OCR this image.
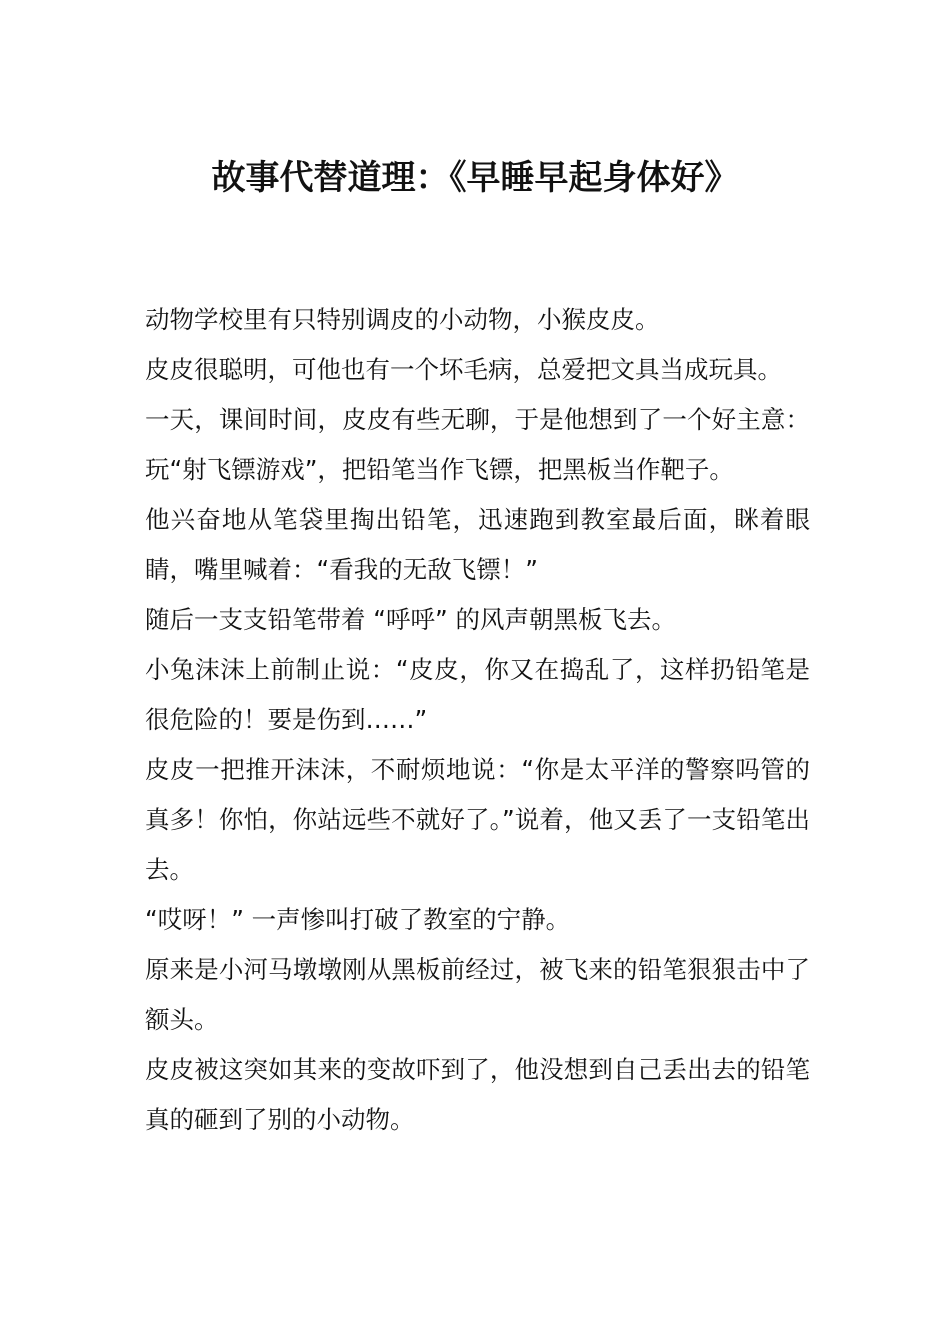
故事代替道理：《早睡早起身体好》

动物学校里有只特别调皮的小动物，小猴皮皮。

皮皮很聪明，可他也有一个坏毛病，总爱把文具当成玩具。

一天，课间时间，皮皮有些无聊，于是他想到了一个好主意：玩“射飞镖游戏”，把铅笔当作飞镖，把黑板当作靶子。

他兴奋地从笔袋里掏出铅笔，迅速跑到教室最后面，眯着眼睛，嘴里喊着：“看我的无敌飞镖！”

随后一支支铅笔带着 “呼呼” 的风声朝黑板飞去。

小兔沫沫上前制止说：“皮皮，你又在捣乱了，这样扔铅笔是很危险的！要是伤到……”

皮皮一把推开沫沫，不耐烦地说：“你是太平洋的警察吗管的真多！你怕，你站远些不就好了。”说着，他又丢了一支铅笔出去。

“哎呀！” 一声惨叫打破了教室的宁静。

原来是小河马墩墩刚从黑板前经过，被飞来的铅笔狠狠击中了额头。

皮皮被这突如其来的变故吓到了，他没想到自己丢出去的铅笔真的砸到了别的小动物。
